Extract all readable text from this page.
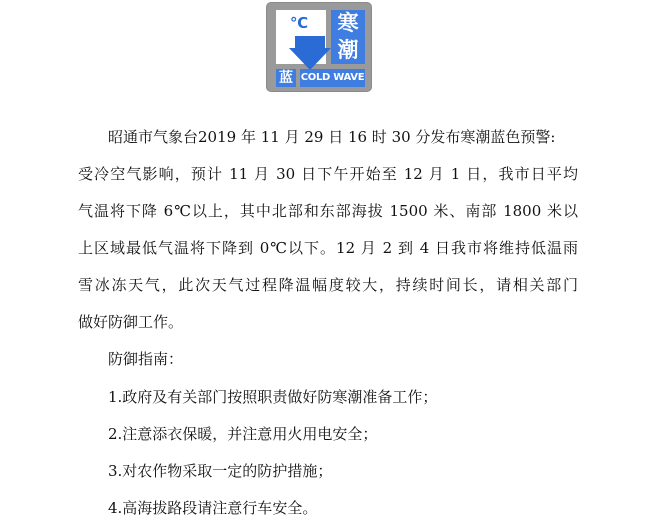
℃	寒
潮
蓝 COLD WAVE
昭通市气象台2019 年 11 月 29 日 16 时 30 分发布寒潮蓝色预警:
受冷空气影响，预计 11 月 30 日下午开始至 12 月 1 日，我市日平均
气温将下降 6℃以上，其中北部和东部海拔 1500 米、南部 1800 米以
上区域最低气温将下降到 0℃以下。12 月 2 到 4 日我市将维持低温雨
雪冰冻天气，此次天气过程降温幅度较大，持续时间长，请相关部门
做好防御工作。
防御指南：
1.政府及有关部门按照职责做好防寒潮准备工作；
2.注意添衣保暖，并注意用火用电安全；
3.对农作物采取一定的防护措施；
4.高海拔路段请注意行车安全。
